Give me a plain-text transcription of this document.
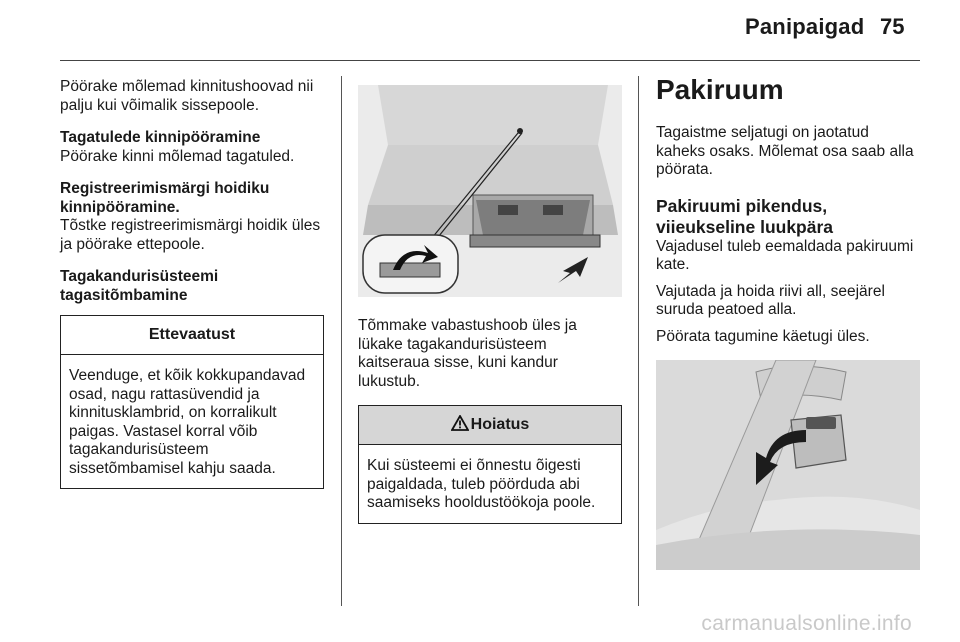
Panipaigad 75

Pöörake mõlemad kinnitushoovad nii palju kui võimalik sissepoole.

Tagatulede kinnipööramine
Pöörake kinni mõlemad tagatuled.

Registreerimismärgi hoidiku
kinnipööramine.
Tõstke registreerimismärgi hoidik üles ja pöörake ettepoole.

Tagakandurisüsteemi
tagasitõmbamine

Ettevaatust
Veenduge, et kõik kokkupandavad osad, nagu rattasüvendid ja kinnitusklambrid, on korralikult paigas. Vastasel korral võib tagakandurisüsteem sissetõmbamisel kahju saada.

Tõmmake vabastushoob üles ja lükake tagakandurisüsteem kaitseraua sisse, kuni kandur lukustub.

Hoiatus
Kui süsteemi ei õnnestu õigesti paigaldada, tuleb pöörduda abi saamiseks hooldustöökoja poole.
Pakiruum

Tagaistme seljatugi on jaotatud kaheks osaks. Mõlemat osa saab alla pöörata.

Pakiruumi pikendus,
viieukseline luukpära

Vajadusel tuleb eemaldada pakiruumi kate.

Vajutada ja hoida riivi all, seejärel suruda peatoed alla.

Pöörata tagumine käetugi üles.

carmanualsonline.info
